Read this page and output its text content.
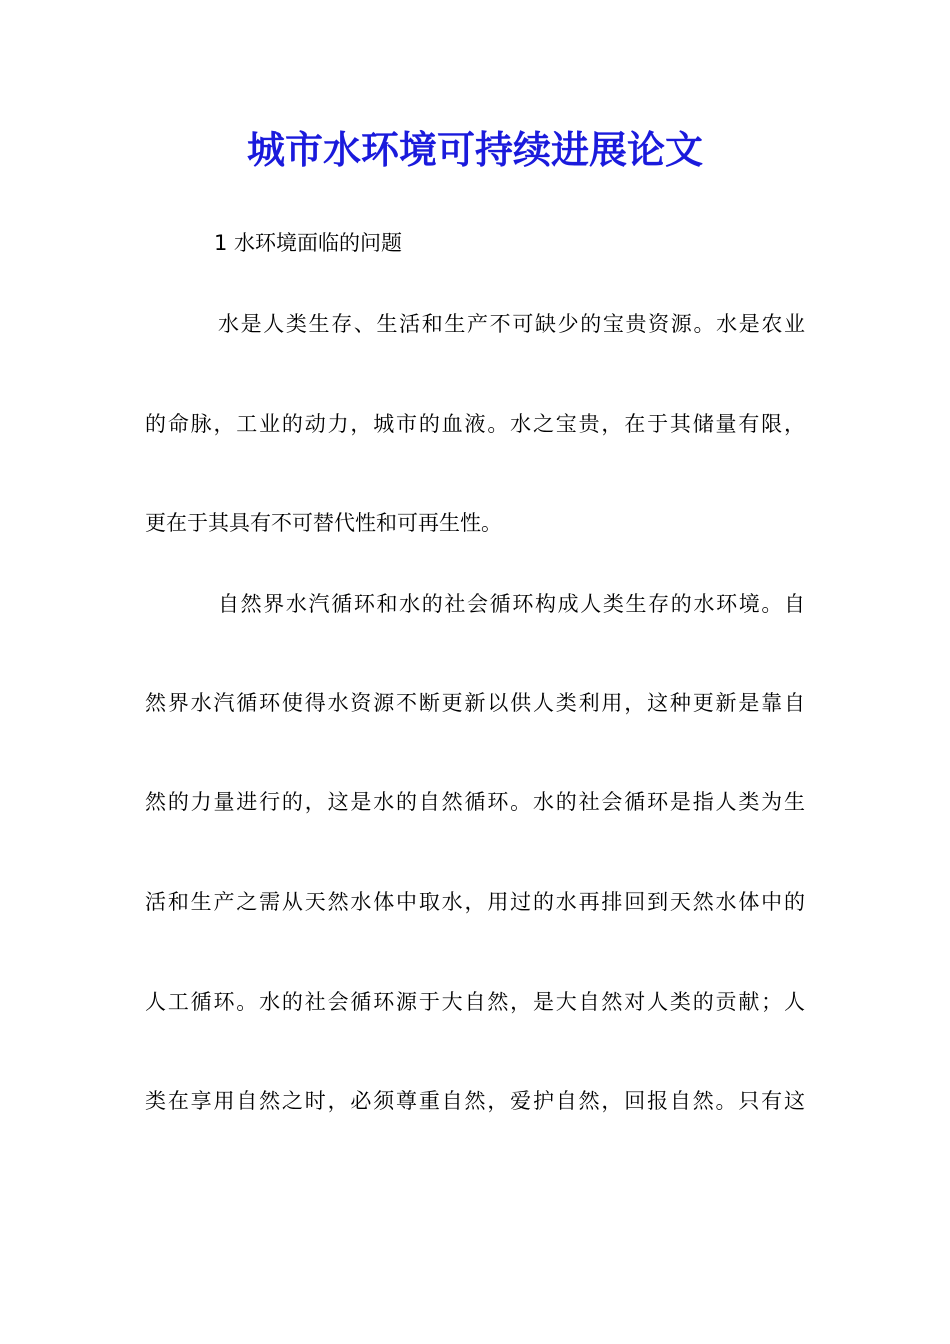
城市水环境可持续进展论文

1 水环境面临的问题

水是人类生存、生活和生产不可缺少的宝贵资源。水是农业

的命脉，工业的动力，城市的血液。水之宝贵，在于其储量有限，

更在于其具有不可替代性和可再生性。

自然界水汽循环和水的社会循环构成人类生存的水环境。自

然界水汽循环使得水资源不断更新以供人类利用，这种更新是靠自

然的力量进行的，这是水的自然循环。水的社会循环是指人类为生

活和生产之需从天然水体中取水，用过的水再排回到天然水体中的

人工循环。水的社会循环源于大自然，是大自然对人类的贡献；人

类在享用自然之时，必须尊重自然，爱护自然，回报自然。只有这
